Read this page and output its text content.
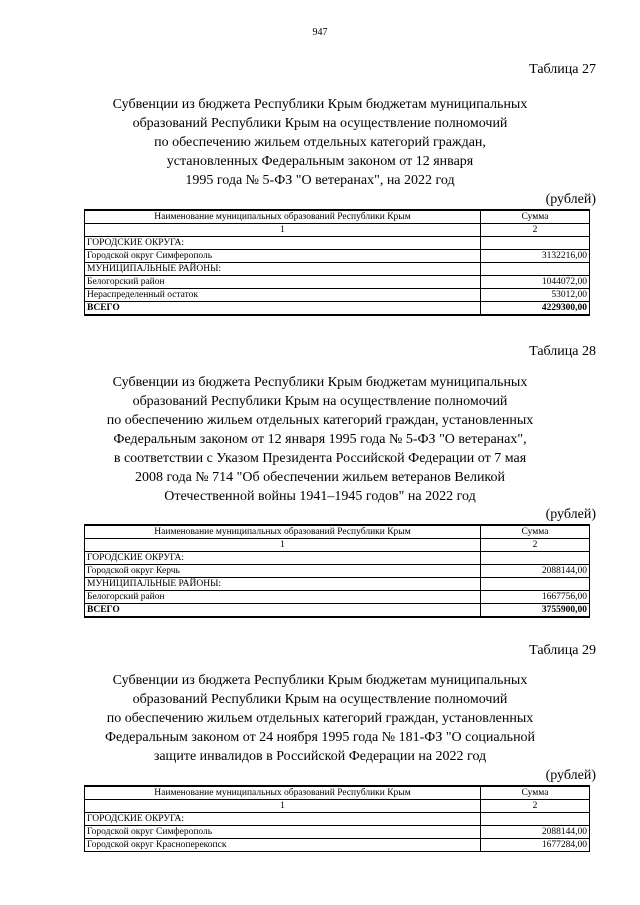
947
Таблица 27
Субвенции из бюджета Республики Крым бюджетам муниципальных
образований Республики Крым на осуществление полномочий
по обеспечению жильем отдельных категорий граждан,
установленных Федеральным законом от 12 января
1995 года № 5-ФЗ "О ветеранах", на 2022 год
(рублей)
Наименование муниципальных образований Республики Крым	Сумма
1	2
ГОРОДСКИЕ ОКРУГА:	
Городской округ Симферополь	3132216,00
МУНИЦИПАЛЬНЫЕ РАЙОНЫ:	
Белогорский район	1044072,00
Нераспределенный остаток	53012,00
ВСЕГО	4229300,00
Таблица 28
Субвенции из бюджета Республики Крым бюджетам муниципальных
образований Республики Крым на осуществление полномочий
по обеспечению жильем отдельных категорий граждан, установленных
Федеральным законом от 12 января 1995 года № 5-ФЗ "О ветеранах",
в соответствии с Указом Президента Российской Федерации от 7 мая
2008 года № 714 "Об обеспечении жильем ветеранов Великой
Отечественной войны 1941–1945 годов" на 2022 год
(рублей)
Наименование муниципальных образований Республики Крым	Сумма
1	2
ГОРОДСКИЕ ОКРУГА:	
Городской округ Керчь	2088144,00
МУНИЦИПАЛЬНЫЕ РАЙОНЫ:	
Белогорский район	1667756,00
ВСЕГО	3755900,00
Таблица 29
Субвенции из бюджета Республики Крым бюджетам муниципальных
образований Республики Крым на осуществление полномочий
по обеспечению жильем отдельных категорий граждан, установленных
Федеральным законом от 24 ноября 1995 года № 181-ФЗ "О социальной
защите инвалидов в Российской Федерации на 2022 год
(рублей)
Наименование муниципальных образований Республики Крым	Сумма
1	2
ГОРОДСКИЕ ОКРУГА:	
Городской округ Симферополь	2088144,00
Городской округ Красноперекопск	1677284,00
